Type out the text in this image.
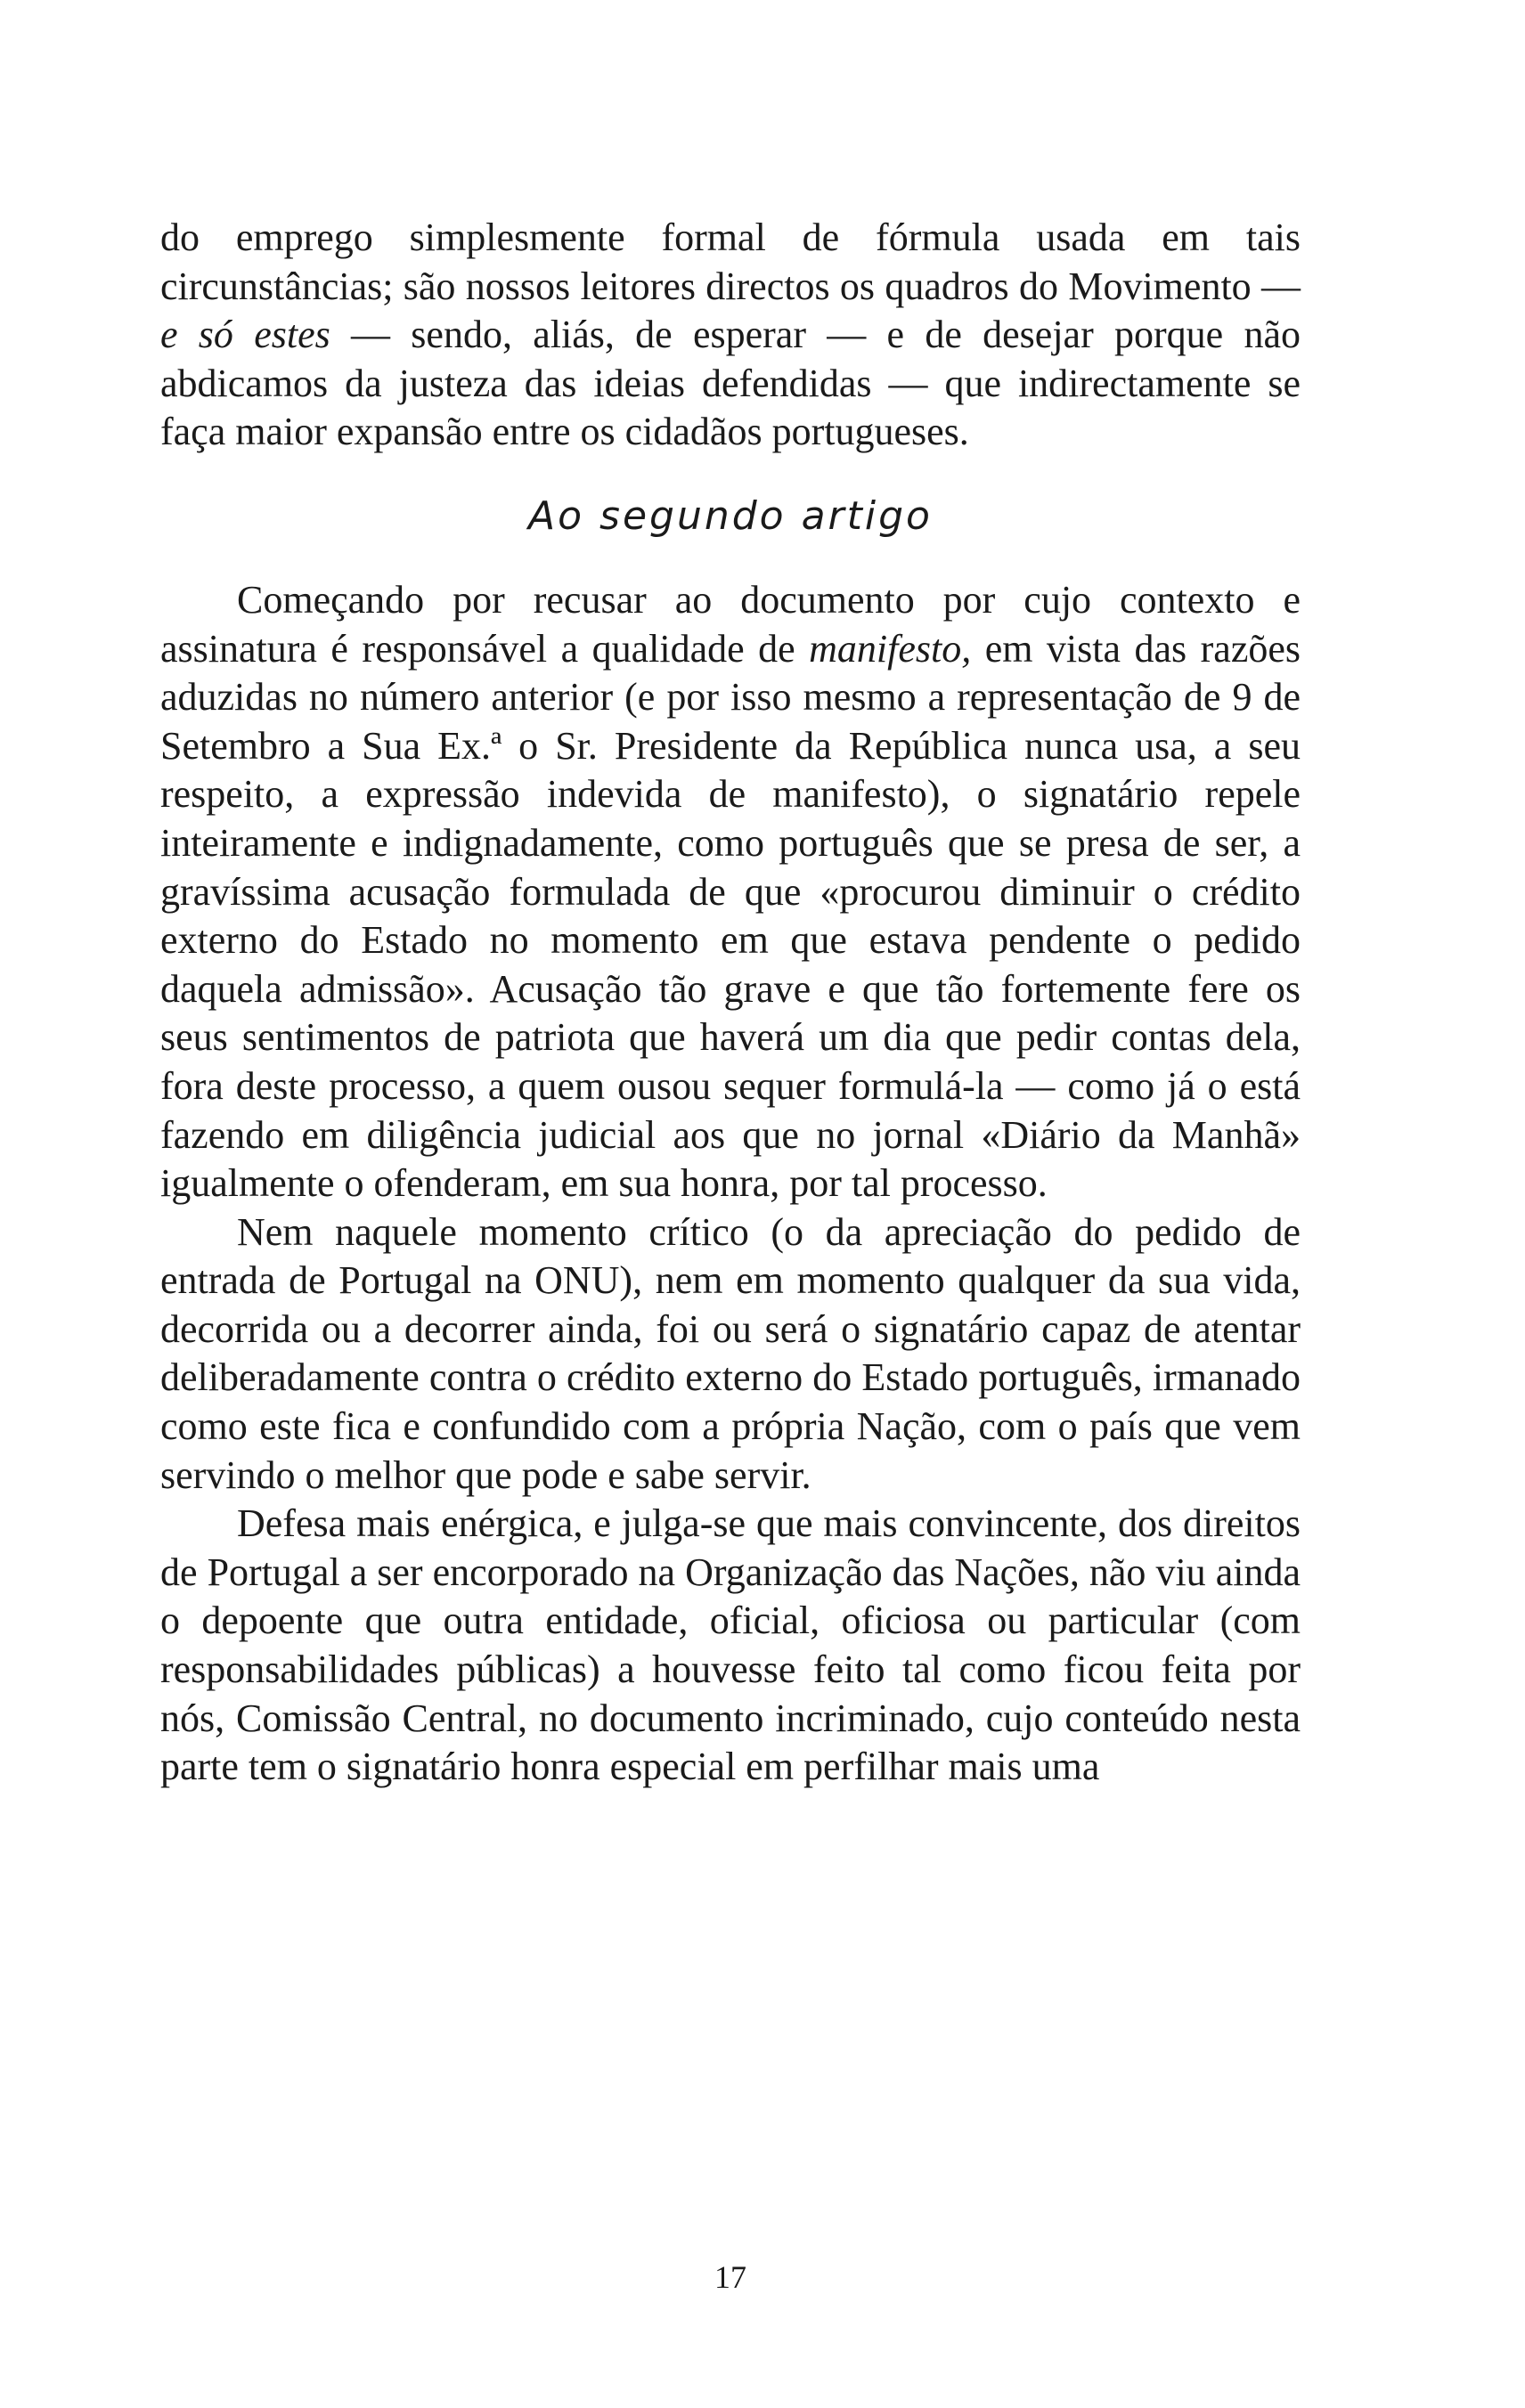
do emprego simplesmente formal de fórmula usada em tais circunstâncias; são nossos leitores directos os quadros do Movimento — e só estes — sendo, aliás, de esperar — e de desejar porque não abdicamos da justeza das ideias defendidas — que indirectamente se faça maior expansão entre os cidadãos portugueses.

Ao segundo artigo

Começando por recusar ao documento por cujo contexto e assinatura é responsável a qualidade de manifesto, em vista das razões aduzidas no número anterior (e por isso mesmo a representação de 9 de Setembro a Sua Ex.ª o Sr. Presidente da República nunca usa, a seu respeito, a expressão indevida de manifesto), o signatário repele inteiramente e indignadamente, como português que se presa de ser, a gravíssima acusação formulada de que «procurou diminuir o crédito externo do Estado no momento em que estava pendente o pedido daquela admissão». Acusação tão grave e que tão fortemente fere os seus sentimentos de patriota que haverá um dia que pedir contas dela, fora deste processo, a quem ousou sequer formulá-la — como já o está fazendo em diligência judicial aos que no jornal «Diário da Manhã» igualmente o ofenderam, em sua honra, por tal processo.

Nem naquele momento crítico (o da apreciação do pedido de entrada de Portugal na ONU), nem em momento qualquer da sua vida, decorrida ou a decorrer ainda, foi ou será o signatário capaz de atentar deliberadamente contra o crédito externo do Estado português, irmanado como este fica e confundido com a própria Nação, com o país que vem servindo o melhor que pode e sabe servir.

Defesa mais enérgica, e julga-se que mais convincente, dos direitos de Portugal a ser encorporado na Organização das Nações, não viu ainda o depoente que outra entidade, oficial, oficiosa ou particular (com responsabilidades públicas) a houvesse feito tal como ficou feita por nós, Comissão Central, no documento incriminado, cujo conteúdo nesta parte tem o signatário honra especial em perfilhar mais uma

17
